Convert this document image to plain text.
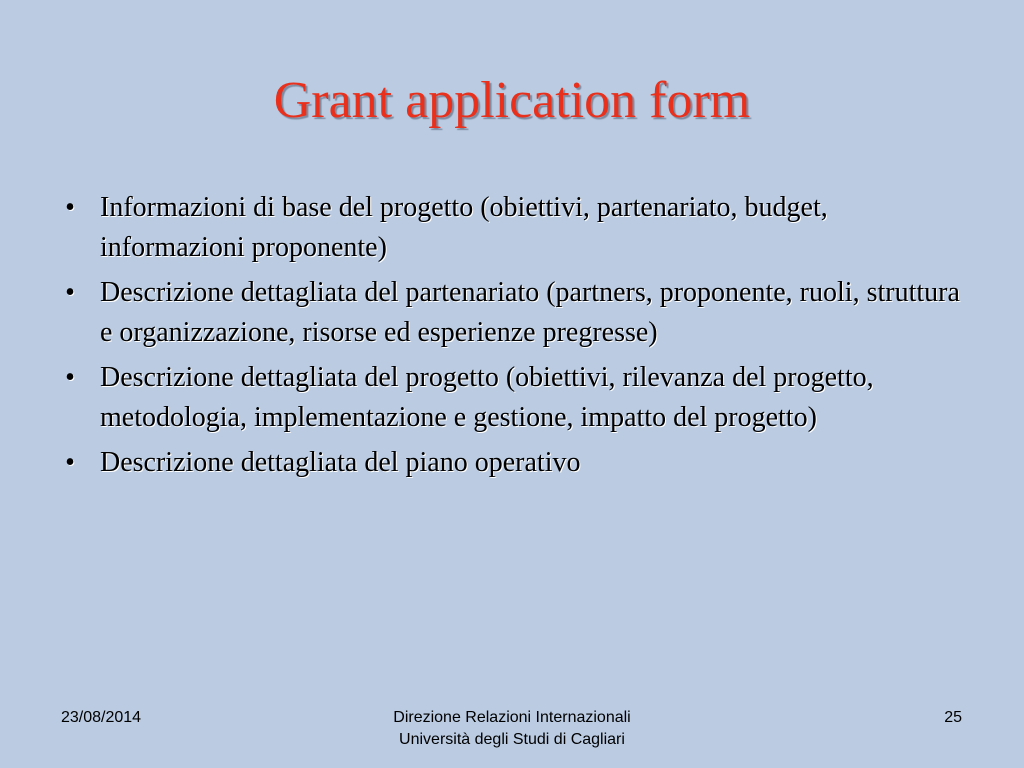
Grant application form
• Informazioni di base del progetto (obiettivi, partenariato, budget, informazioni proponente)
• Descrizione dettagliata del partenariato (partners, proponente, ruoli, struttura e organizzazione, risorse ed esperienze pregresse)
• Descrizione dettagliata del progetto (obiettivi, rilevanza del progetto, metodologia, implementazione e gestione, impatto del progetto)
• Descrizione dettagliata del piano operativo
23/08/2014	Direzione Relazioni Internazionali
Università degli Studi di Cagliari
25
